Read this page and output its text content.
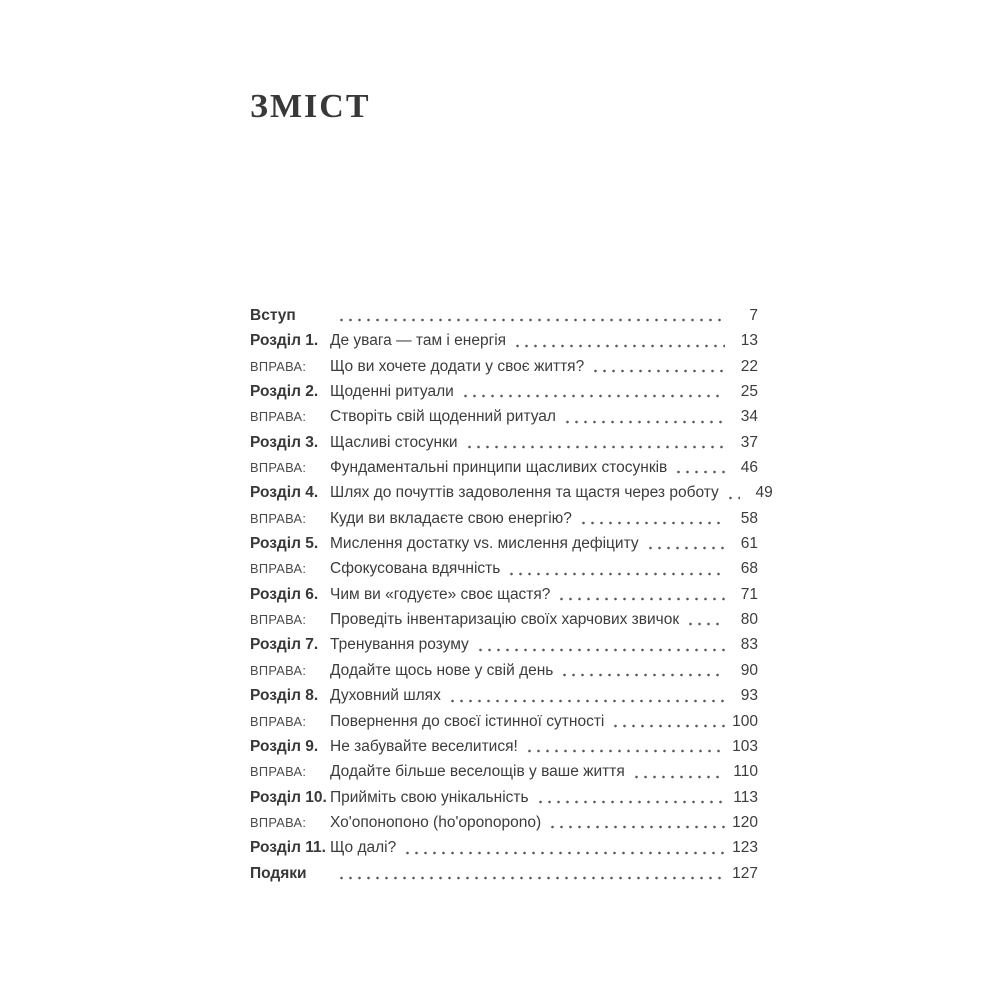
ЗМІСТ
Вступ	7
Розділ 1. Де увага — там і енергія	13
ВПРАВА:	Що ви хочете додати у своє життя?	22
Розділ 2. Щоденні ритуали	25
ВПРАВА:	Створіть свій щоденний ритуал	34
Розділ 3. Щасливі стосунки	37
ВПРАВА:	Фундаментальні принципи щасливих стосунків	46
Розділ 4. Шлях до почуттів задоволення та щастя через роботу	49
ВПРАВА:	Куди ви вкладаєте свою енергію?	58
Розділ 5. Мислення достатку vs. мислення дефіциту	61
ВПРАВА:	Сфокусована вдячність	68
Розділ 6. Чим ви «годуєте» своє щастя?	71
ВПРАВА:	Проведіть інвентаризацію своїх харчових звичок	80
Розділ 7. Тренування розуму	83
ВПРАВА:	Додайте щось нове у свій день	90
Розділ 8. Духовний шлях	93
ВПРАВА:	Повернення до своєї істинної сутності	100
Розділ 9. Не забувайте веселитися!	103
ВПРАВА:	Додайте більше веселощів у ваше життя	110
Розділ 10. Прийміть свою унікальність	113
ВПРАВА:	Хо'опонопоно (ho'oponopono)	120
Розділ 11. Що далі?	123
Подяки	127
